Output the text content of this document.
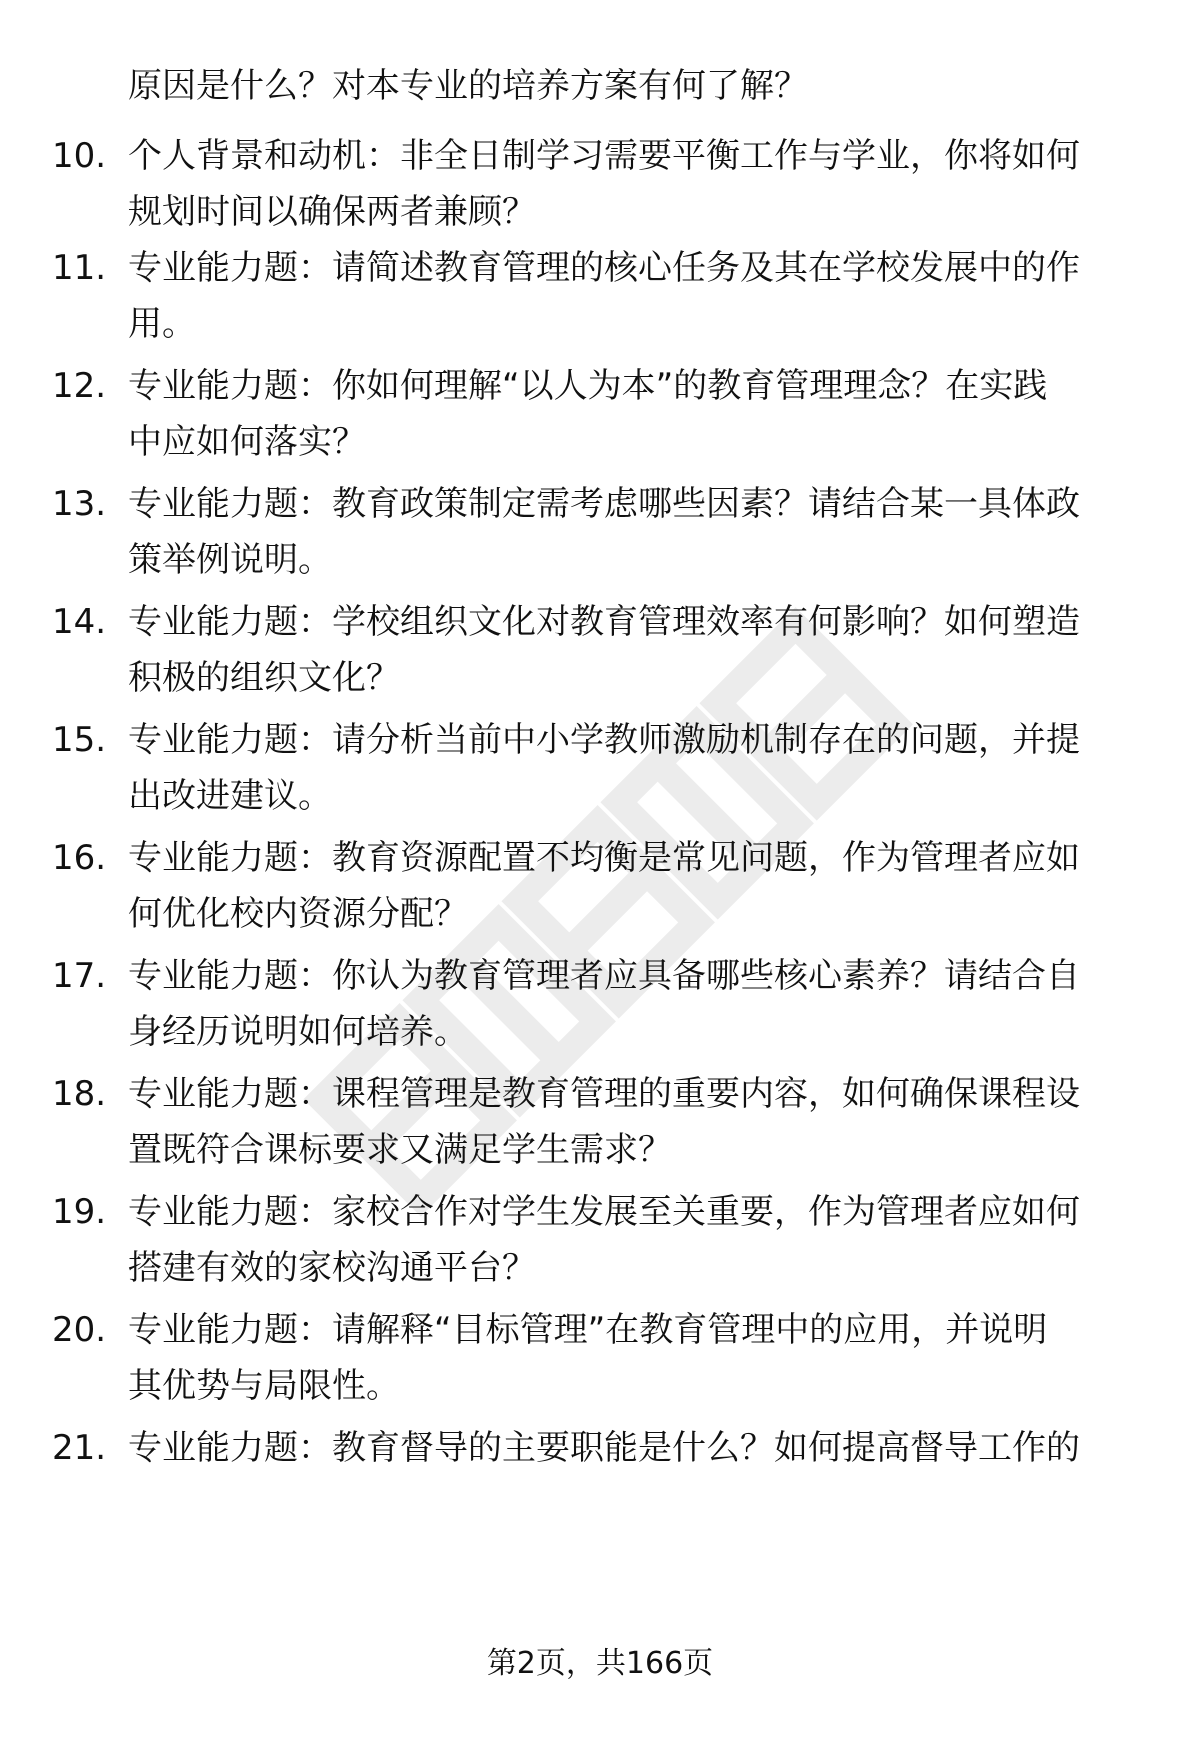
原因是什么？对本专业的培养方案有何了解？
10. 个人背景和动机：非全日制学习需要平衡工作与学业，你将如何
规划时间以确保两者兼顾？
11. 专业能力题：请简述教育管理的核心任务及其在学校发展中的作
用。
12. 专业能力题：你如何理解“以人为本”的教育管理理念？在实践
中应如何落实？
13. 专业能力题：教育政策制定需考虑哪些因素？请结合某一具体政
策举例说明。
14. 专业能力题：学校组织文化对教育管理效率有何影响？如何塑造
积极的组织文化？
15. 专业能力题：请分析当前中小学教师激励机制存在的问题，并提
出改进建议。
16. 专业能力题：教育资源配置不均衡是常见问题，作为管理者应如
何优化校内资源分配？
17. 专业能力题：你认为教育管理者应具备哪些核心素养？请结合自
身经历说明如何培养。
18. 专业能力题：课程管理是教育管理的重要内容，如何确保课程设
置既符合课标要求又满足学生需求？
19. 专业能力题：家校合作对学生发展至关重要，作为管理者应如何
搭建有效的家校沟通平台？
20. 专业能力题：请解释“目标管理”在教育管理中的应用，并说明
其优势与局限性。
21. 专业能力题：教育督导的主要职能是什么？如何提高督导工作的
第2页，共166页
